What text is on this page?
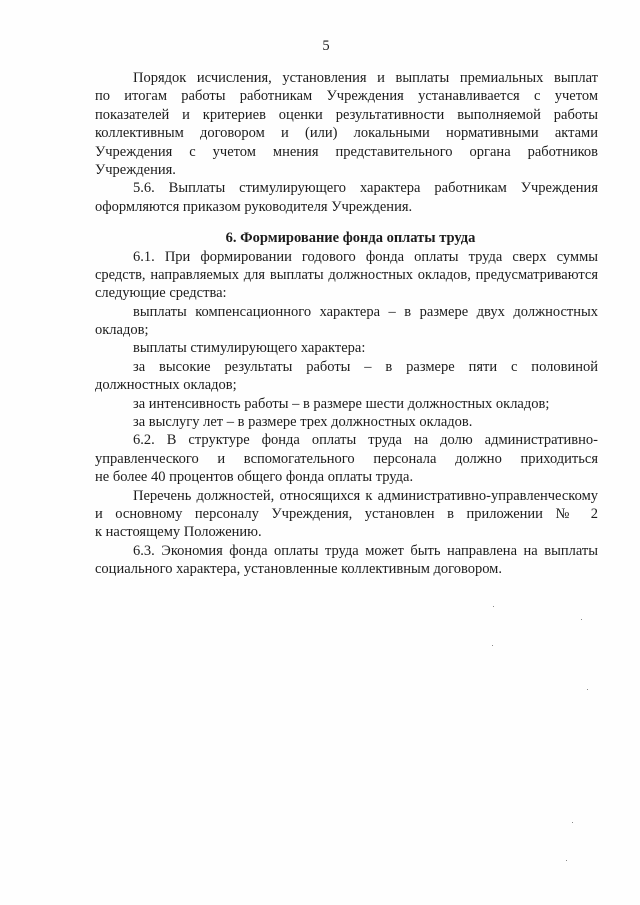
5
Порядок исчисления, установления и выплаты премиальных выплат
по итогам работы работникам Учреждения устанавливается с учетом
показателей и критериев оценки результативности выполняемой работы
коллективным договором и (или) локальными нормативными актами
Учреждения с учетом мнения представительного органа работников
Учреждения.
5.6. Выплаты стимулирующего характера работникам Учреждения
оформляются приказом руководителя Учреждения.
6. Формирование фонда оплаты труда
6.1. При формировании годового фонда оплаты труда сверх суммы
средств, направляемых для выплаты должностных окладов, предусматриваются
следующие средства:
выплаты компенсационного характера – в размере двух должностных
окладов;
выплаты стимулирующего характера:
за высокие результаты работы – в размере пяти с половиной
должностных окладов;
за интенсивность работы – в размере шести должностных окладов;
за выслугу лет – в размере трех должностных окладов.
6.2. В структуре фонда оплаты труда на долю административно-
управленческого и вспомогательного персонала должно приходиться
не более 40 процентов общего фонда оплаты труда.
Перечень должностей, относящихся к административно-управленческому
и основному персоналу Учреждения, установлен в приложении № 2
к настоящему Положению.
6.3. Экономия фонда оплаты труда может быть направлена на выплаты
социального характера, установленные коллективным договором.
